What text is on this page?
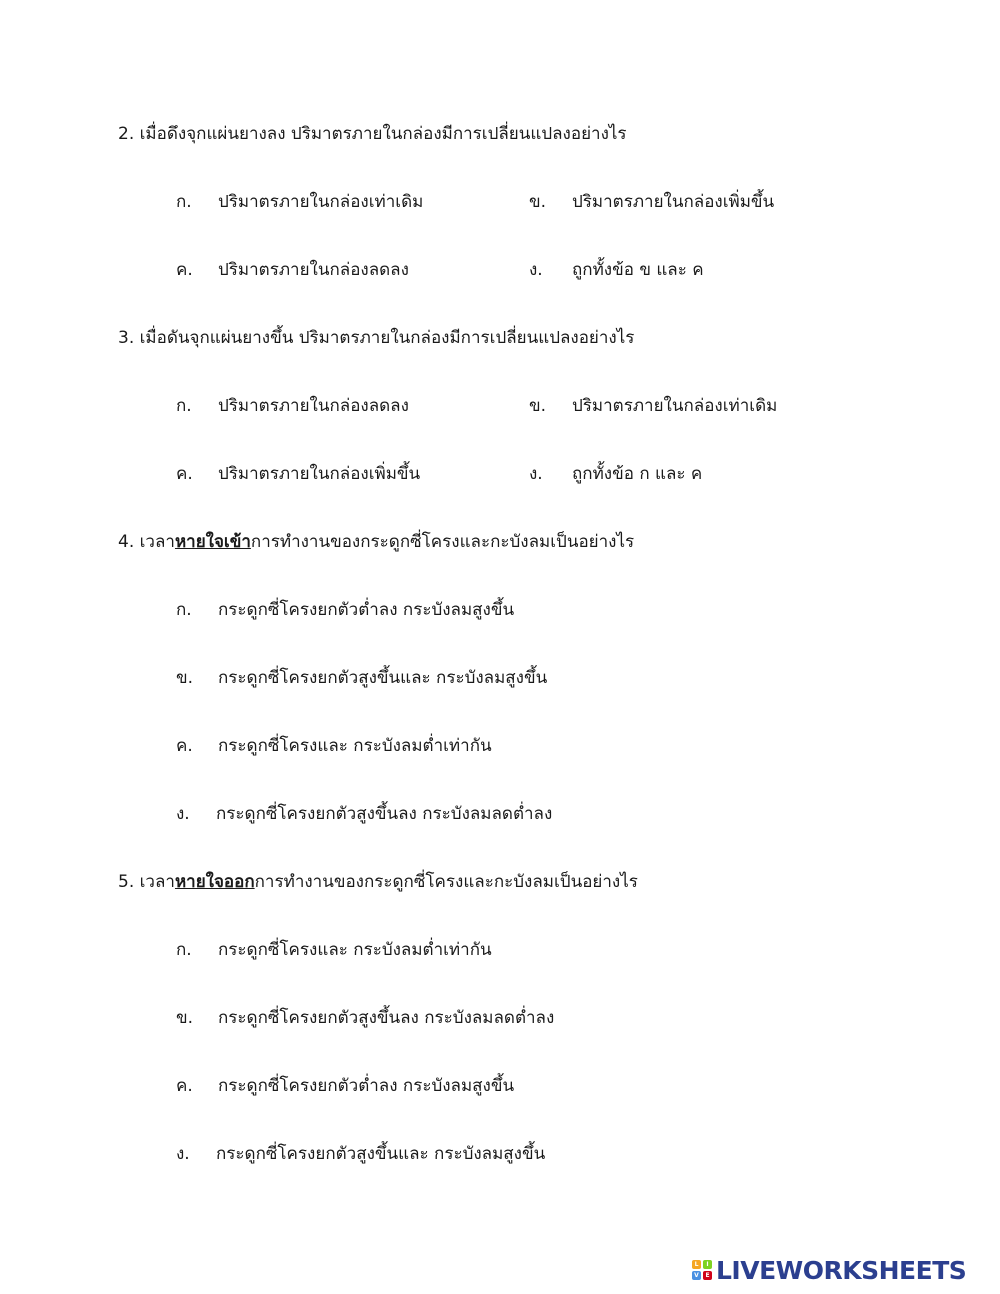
2. เมื่อดึงจุกแผ่นยางลง ปริมาตรภายในกล่องมีการเปลี่ยนแปลงอย่างไร
ก. ปริมาตรภายในกล่องเท่าเดิม	ข. ปริมาตรภายในกล่องเพิ่มขึ้น
ค. ปริมาตรภายในกล่องลดลง	ง. ถูกทั้งข้อ ข และ ค
3. เมื่อดันจุกแผ่นยางขึ้น ปริมาตรภายในกล่องมีการเปลี่ยนแปลงอย่างไร
ก. ปริมาตรภายในกล่องลดลง	ข. ปริมาตรภายในกล่องเท่าเดิม
ค. ปริมาตรภายในกล่องเพิ่มขึ้น	ง. ถูกทั้งข้อ ก และ ค
4. เวลาหายใจเข้าการทำงานของกระดูกซี่โครงและกะบังลมเป็นอย่างไร
ก. กระดูกซี่โครงยกตัวต่ำลง กระบังลมสูงขึ้น
ข. กระดูกซี่โครงยกตัวสูงขึ้นและ กระบังลมสูงขึ้น
ค. กระดูกซี่โครงและ กระบังลมต่ำเท่ากัน
ง. กระดูกซี่โครงยกตัวสูงขึ้นลง กระบังลมลดต่ำลง
5. เวลาหายใจออกการทำงานของกระดูกซี่โครงและกะบังลมเป็นอย่างไร
ก. กระดูกซี่โครงและ กระบังลมต่ำเท่ากัน
ข. กระดูกซี่โครงยกตัวสูงขึ้นลง กระบังลมลดต่ำลง
ค. กระดูกซี่โครงยกตัวต่ำลง กระบังลมสูงขึ้น
ง. กระดูกซี่โครงยกตัวสูงขึ้นและ กระบังลมสูงขึ้น
L	I
V	E LIVEWORKSHEETS
